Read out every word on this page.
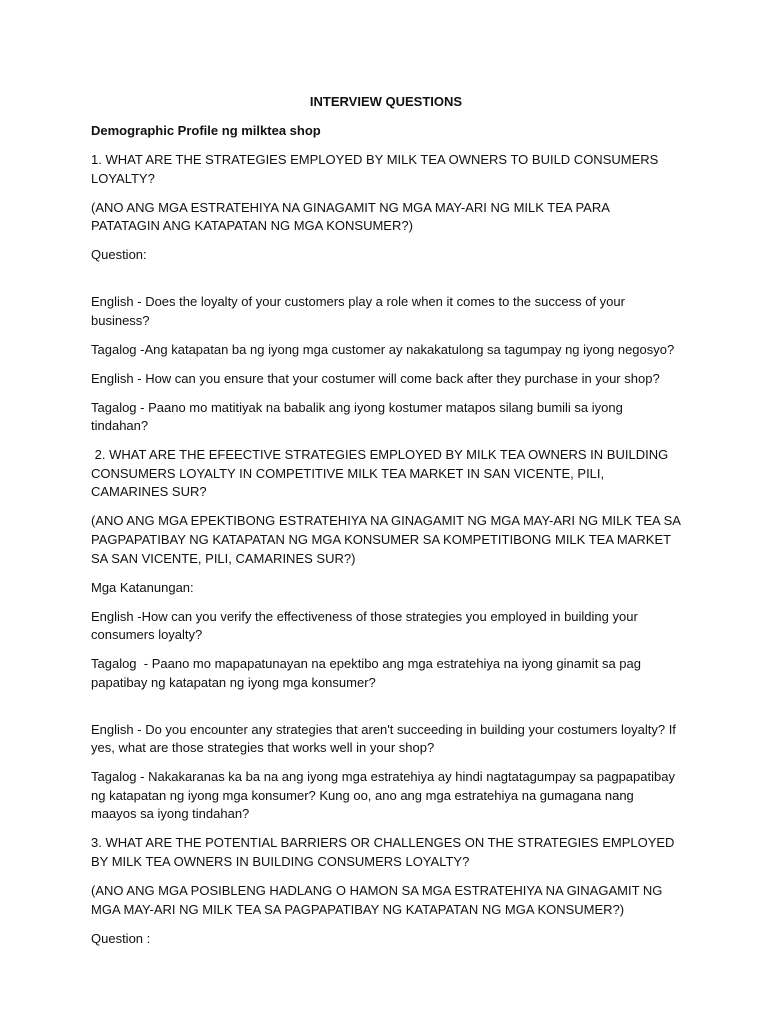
INTERVIEW QUESTIONS
Demographic Profile ng milktea shop
1. WHAT ARE THE STRATEGIES EMPLOYED BY MILK TEA OWNERS TO BUILD CONSUMERS LOYALTY?
(ANO ANG MGA ESTRATEHIYA NA GINAGAMIT NG MGA MAY-ARI NG MILK TEA PARA PATATAGIN ANG KATAPATAN NG MGA KONSUMER?)
Question:
English - Does the loyalty of your customers play a role when it comes to the success of your business?
Tagalog -Ang katapatan ba ng iyong mga customer ay nakakatulong sa tagumpay ng iyong negosyo?
English - How can you ensure that your costumer will come back after they purchase in your shop?
Tagalog - Paano mo matitiyak na babalik ang iyong kostumer matapos silang bumili sa iyong tindahan?
2. WHAT ARE THE EFEECTIVE STRATEGIES EMPLOYED BY MILK TEA OWNERS IN BUILDING CONSUMERS LOYALTY IN COMPETITIVE MILK TEA MARKET IN SAN VICENTE, PILI, CAMARINES SUR?
(ANO ANG MGA EPEKTIBONG ESTRATEHIYA NA GINAGAMIT NG MGA MAY-ARI NG MILK TEA SA PAGPAPATIBAY NG KATAPATAN NG MGA KONSUMER SA KOMPETITIBONG MILK TEA MARKET SA SAN VICENTE, PILI, CAMARINES SUR?)
Mga Katanungan:
English -How can you verify the effectiveness of those strategies you employed in building your consumers loyalty?
Tagalog  - Paano mo mapapatunayan na epektibo ang mga estratehiya na iyong ginamit sa pag papatibay ng katapatan ng iyong mga konsumer?
English - Do you encounter any strategies that aren't succeeding in building your costumers loyalty? If yes, what are those strategies that works well in your shop?
Tagalog - Nakakaranas ka ba na ang iyong mga estratehiya ay hindi nagtatagumpay sa pagpapatibay ng katapatan ng iyong mga konsumer? Kung oo, ano ang mga estratehiya na gumagana nang maayos sa iyong tindahan?
3. WHAT ARE THE POTENTIAL BARRIERS OR CHALLENGES ON THE STRATEGIES EMPLOYED BY MILK TEA OWNERS IN BUILDING CONSUMERS LOYALTY?
(ANO ANG MGA POSIBLENG HADLANG O HAMON SA MGA ESTRATEHIYA NA GINAGAMIT NG MGA MAY-ARI NG MILK TEA SA PAGPAPATIBAY NG KATAPATAN NG MGA KONSUMER?)
Question :
